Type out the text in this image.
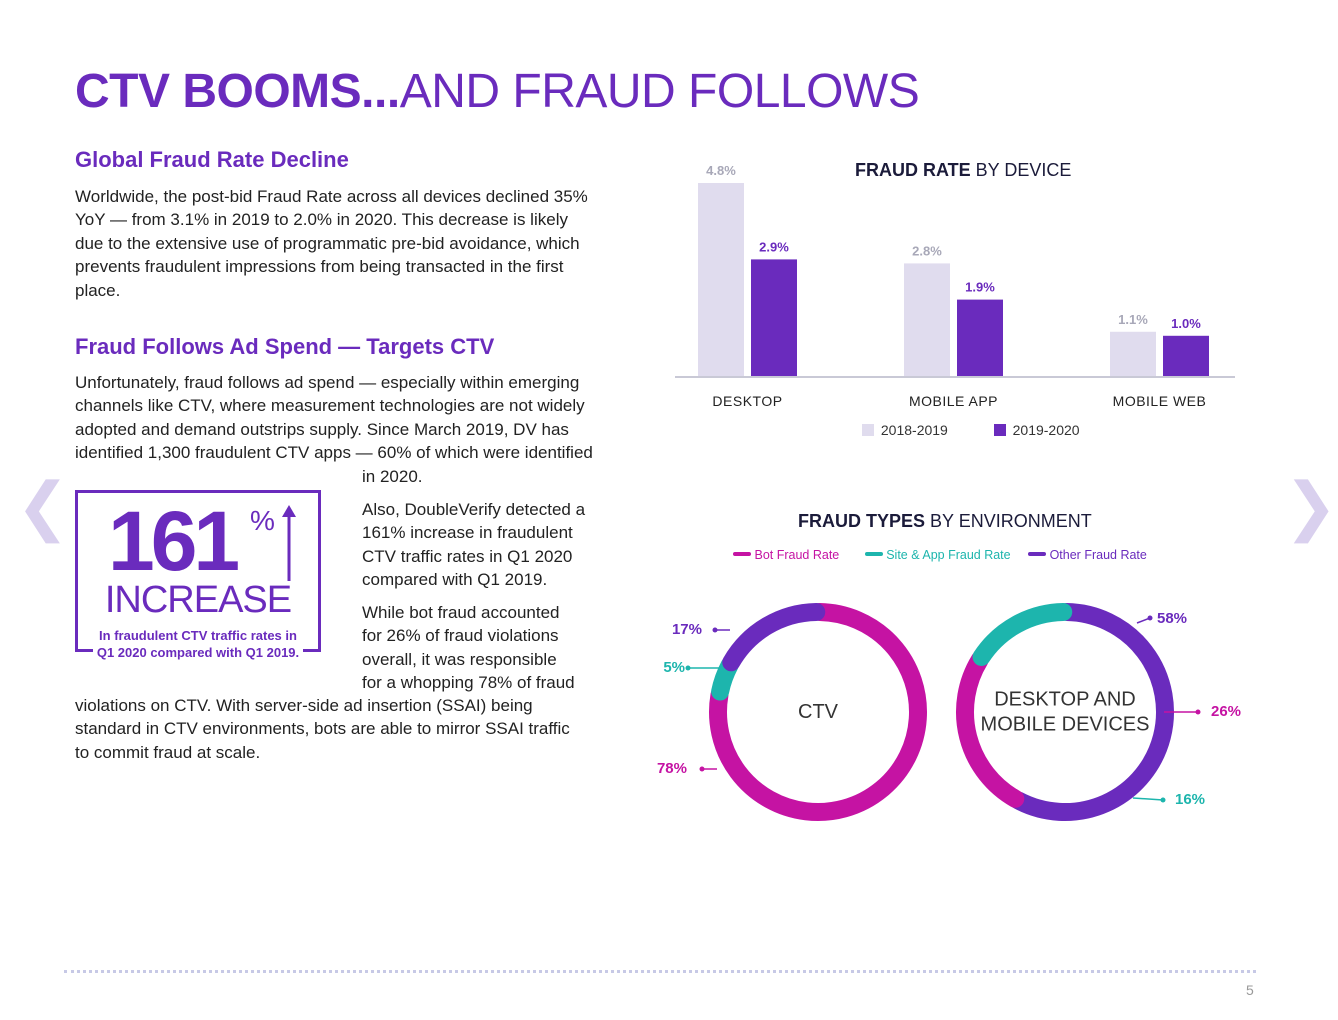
CTV BOOMS...AND FRAUD FOLLOWS
Global Fraud Rate Decline
Worldwide, the post-bid Fraud Rate across all devices declined 35%
YoY — from 3.1% in 2019 to 2.0% in 2020. This decrease is likely
due to the extensive use of programmatic pre-bid avoidance, which
prevents fraudulent impressions from being transacted in the first
place.
Fraud Follows Ad Spend — Targets CTV
Unfortunately, fraud follows ad spend — especially within emerging
channels like CTV, where measurement technologies are not widely
adopted and demand outstrips supply. Since March 2019, DV has
identified 1,300 fraudulent CTV apps — 60% of which were identified
in 2020.
Also, DoubleVerify detected a
161% increase in fraudulent
CTV traffic rates in Q1 2020
compared with Q1 2019.
While bot fraud accounted
for 26% of fraud violations
overall, it was responsible
for a whopping 78% of fraud
violations on CTV. With server-side ad insertion (SSAI) being
standard in CTV environments, bots are able to mirror SSAI traffic
to commit fraud at scale.
161 %
INCREASE
In fraudulent CTV traffic rates in
Q1 2020 compared with Q1 2019.
❮	❯
FRAUD RATE BY DEVICE
4.8%
2.9%
DESKTOP
2.8%
1.9%
MOBILE APP
1.1% 1.0%
MOBILE WEB
2018-2019	2019-2020
FRAUD TYPES BY ENVIRONMENT
Bot Fraud Rate	Site & App Fraud Rate	Other Fraud Rate
CTV
DESKTOP AND
MOBILE DEVICES
17%
5%
78%
58%
26%
16%
5
